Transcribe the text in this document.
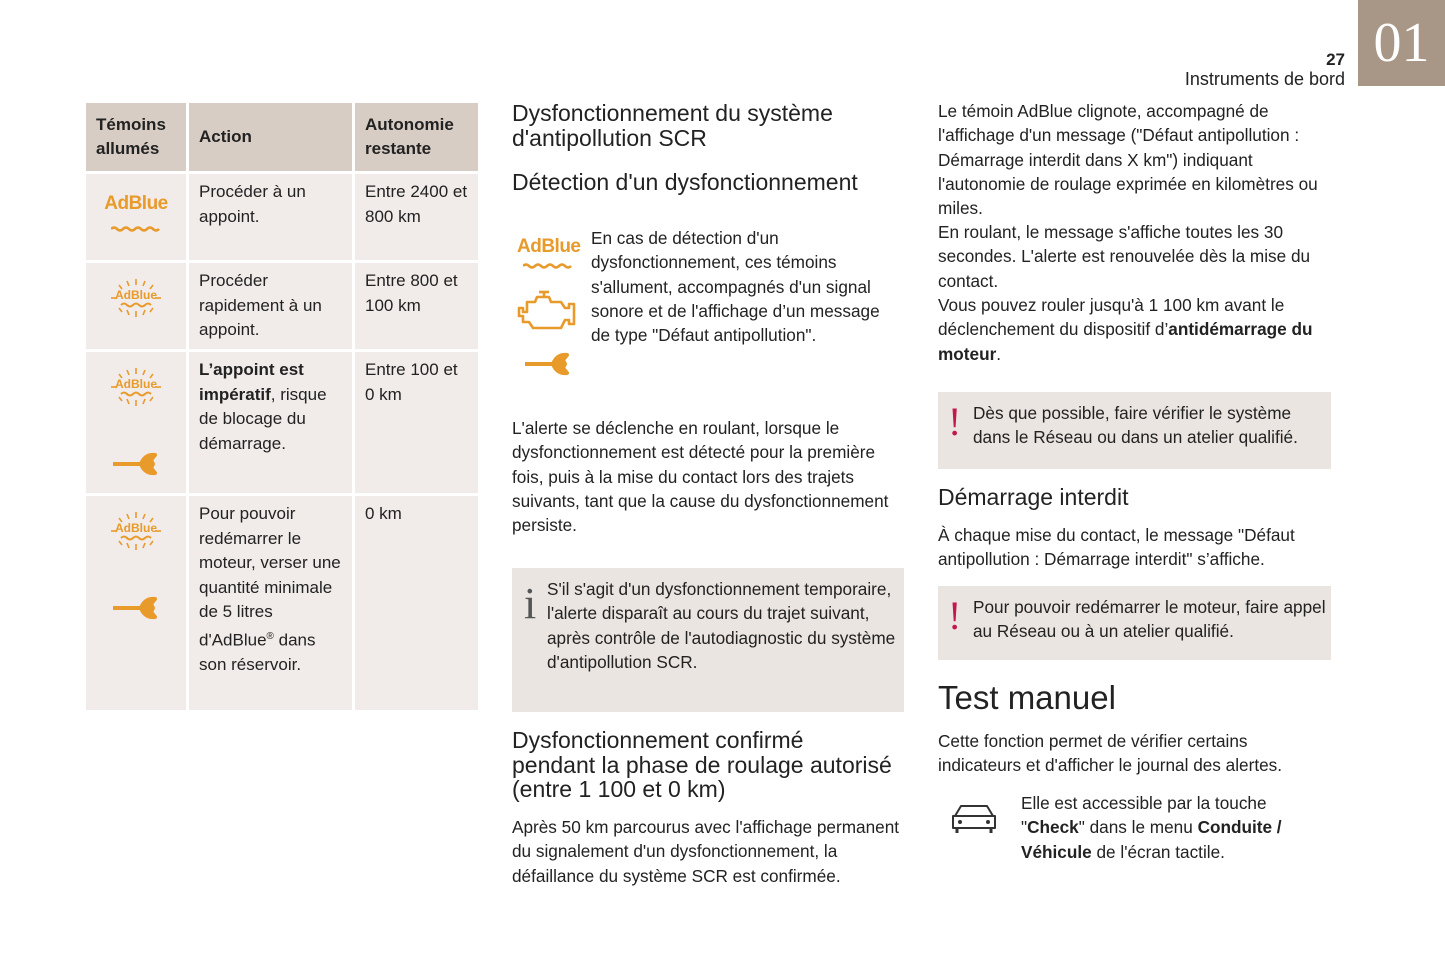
01
27
Instruments de bord
Témoins allumés	Action	Autonomie restante

AdBlue	Procéder à un appoint.	Entre 2400 et 800 km

AdBlue	Procéder rapidement à un appoint.	Entre 800 et 100 km

AdBlue	L’appoint est impératif, risque de blocage du démarrage.	Entre 100 et 0 km

AdBlue	Pour pouvoir redémarrer le moteur, verser une quantité minimale de 5 litres d'AdBlue® dans son réservoir.	0 km
Dysfonctionnement du système d'antipollution SCR
Détection d'un dysfonctionnement
AdBlue En cas de détection d'un dysfonctionnement, ces témoins s'allument, accompagnés d'un signal sonore et de l'affichage d’un message de type "Défaut antipollution".
L'alerte se déclenche en roulant, lorsque le dysfonctionnement est détecté pour la première fois, puis à la mise du contact lors des trajets suivants, tant que la cause du dysfonctionnement persiste.
i S'il s'agit d'un dysfonctionnement temporaire, l'alerte disparaît au cours du trajet suivant, après contrôle de l'autodiagnostic du système d'antipollution SCR.
Dysfonctionnement confirmé pendant la phase de roulage autorisé (entre 1 100 et 0 km)
Après 50 km parcourus avec l'affichage permanent du signalement d'un dysfonctionnement, la défaillance du système SCR est confirmée.
Le témoin AdBlue clignote, accompagné de l'affichage d'un message ("Défaut antipollution : Démarrage interdit dans X km") indiquant l'autonomie de roulage exprimée en kilomètres ou miles.
En roulant, le message s'affiche toutes les 30 secondes. L'alerte est renouvelée dès la mise du contact.
Vous pouvez rouler jusqu'à 1 100 km avant le déclenchement du dispositif d’antidémarrage du moteur.
! Dès que possible, faire vérifier le système dans le Réseau ou dans un atelier qualifié.
Démarrage interdit
À chaque mise du contact, le message "Défaut antipollution : Démarrage interdit" s’affiche.
! Pour pouvoir redémarrer le moteur, faire appel au Réseau ou à un atelier qualifié.
Test manuel
Cette fonction permet de vérifier certains indicateurs et d'afficher le journal des alertes.
Elle est accessible par la touche "Check" dans le menu Conduite / Véhicule de l'écran tactile.
